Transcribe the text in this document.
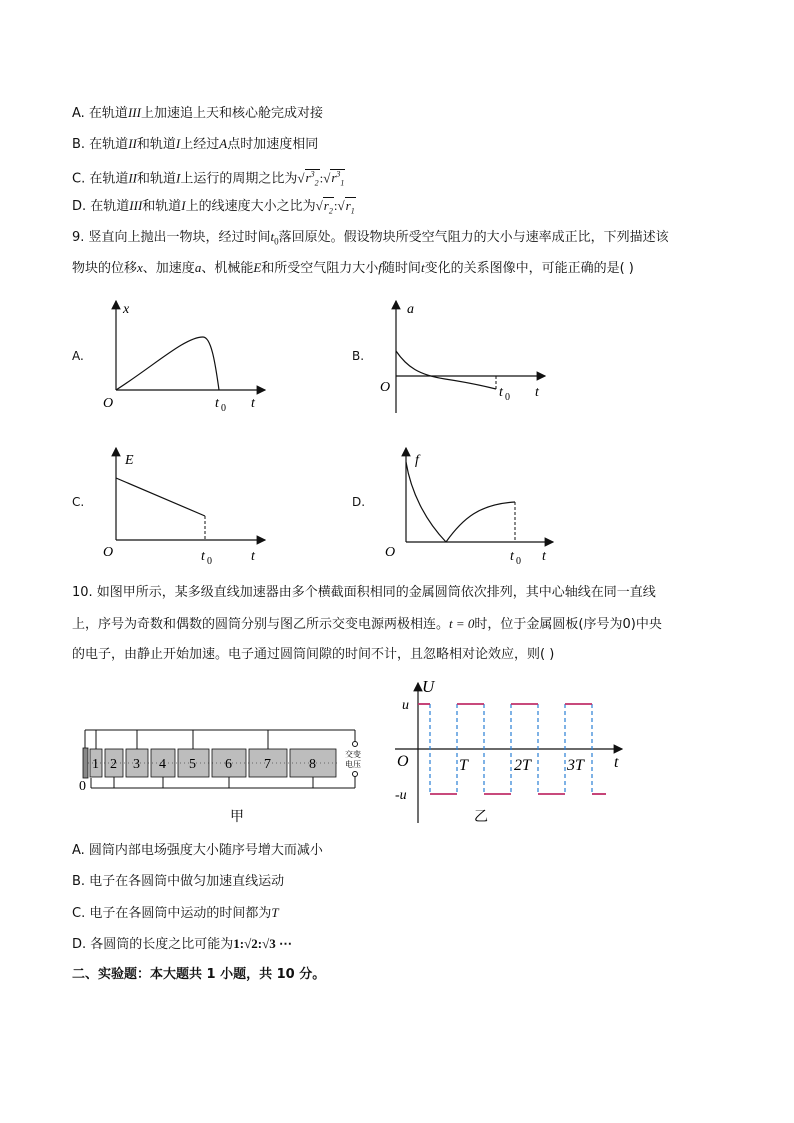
A. 在轨道III上加速追上天和核心舱完成对接
B. 在轨道II和轨道I上经过A点时加速度相同
C. 在轨道II和轨道I上运行的周期之比为$√r^3_2:√r^3_1$
D. 在轨道III和轨道I上的线速度大小之比为$√r_2:√r_1$
9. 竖直向上抛出一物块，经过时间$t_0$落回原处。假设物块所受空气阻力的大小与速率成正比，下列描述该
物块的位移x、加速度a、机械能E和所受空气阻力大小f随时间t变化的关系图像中，可能正确的是( )
A.
x
O	t 0 t
B.
a
O	t 0 t
C.
E
O	t 0	t
D.
f
O	t 0 t
10. 如图甲所示，某多级直线加速器由多个横截面积相同的金属圆筒依次排列，其中心轴线在同一直线
上，序号为奇数和偶数的圆筒分别与图乙所示交变电源两极相连。t = 0时，位于金属圆板(序号为0)中央
的电子，由静止开始加速。电子通过圆筒间隙的时间不计，且忽略相对论效应，则( )
交变
电压
0
1 2 3 4 5 6 7	8
甲
U
u
-u
O	T	2T 3T t
乙
A. 圆筒内部电场强度大小随序号增大而减小
B. 电子在各圆筒中做匀加速直线运动
C. 电子在各圆筒中运动的时间都为T
D. 各圆筒的长度之比可能为1:√2:√3 ⋯
二、实验题：本大题共 1 小题，共 10 分。
